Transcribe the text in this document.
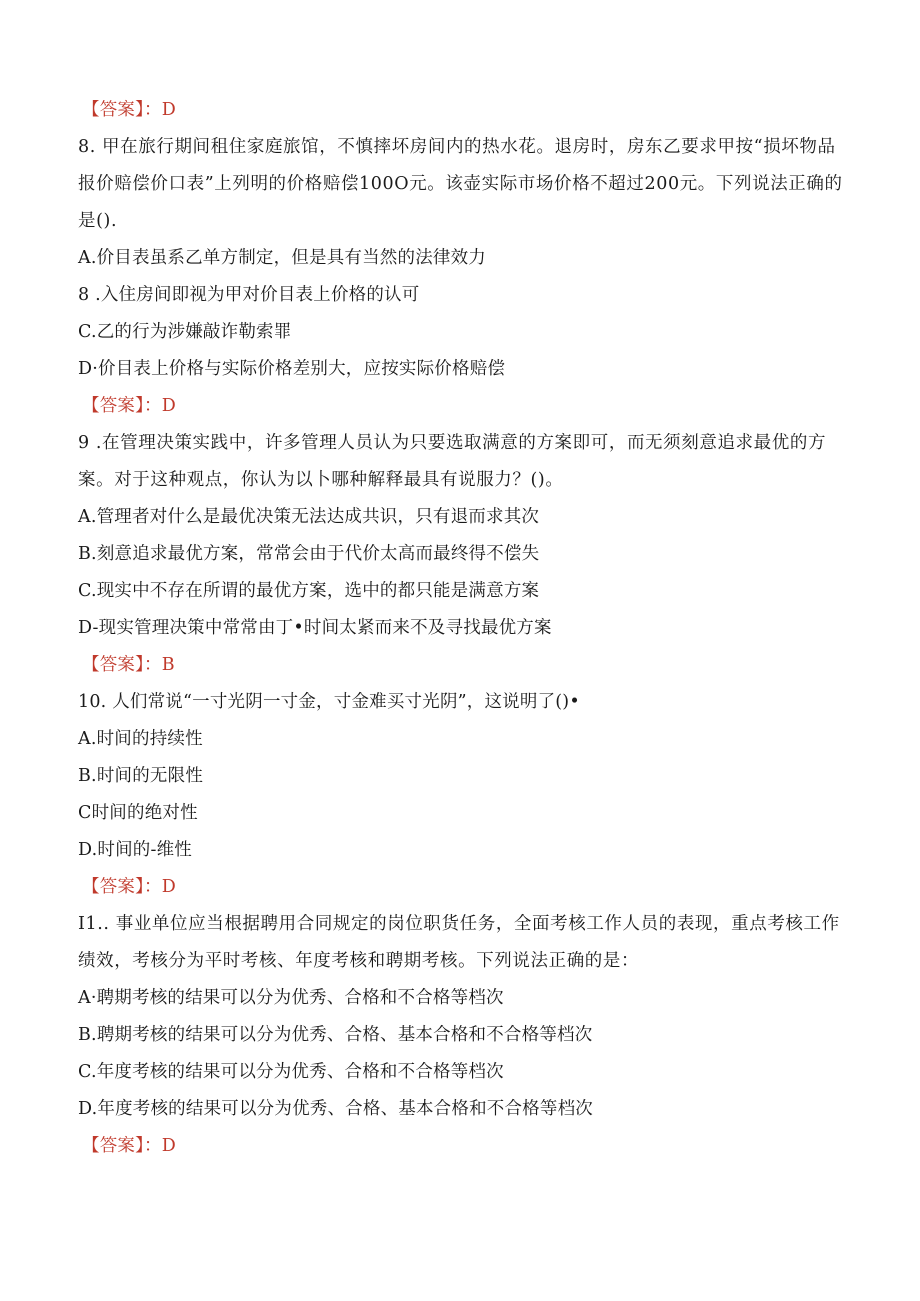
【答案】：D
8. 甲在旅行期间租住家庭旅馆，不慎摔坏房间内的热水花。退房时，房东乙要求甲按“损坏物品报价赔偿价口表”上列明的价格赔偿100O元。该壶实际市场价格不超过200元。下列说法正确的是().
A.价目表虽系乙单方制定，但是具有当然的法律效力
8 .入住房间即视为甲对价目表上价格的认可
C.乙的行为涉嫌敲诈勒索罪
D·价目表上价格与实际价格差别大，应按实际价格赔偿
【答案】：D
9 .在管理决策实践中，许多管理人员认为只要选取满意的方案即可，而无须刻意追求最优的方案。对于这种观点，你认为以卜哪种解释最具有说服力？()。
A.管理者对什么是最优决策无法达成共识，只有退而求其次
B.刻意追求最优方案，常常会由于代价太高而最终得不偿失
C.现实中不存在所谓的最优方案，选中的都只能是满意方案
D-现实管理决策中常常由丁•时间太紧而来不及寻找最优方案
【答案】：B
10. 人们常说“一寸光阴一寸金，寸金难买寸光阴”，这说明了()•
A.时间的持续性
B.时间的无限性
C时间的绝对性
D.时间的-维性
【答案】：D
I1.. 事业单位应当根据聘用合同规定的岗位职货任务，全面考核工作人员的表现，重点考核工作绩效，考核分为平时考核、年度考核和聘期考核。下列说法正确的是：
A·聘期考核的结果可以分为优秀、合格和不合格等档次
B.聘期考核的结果可以分为优秀、合格、基本合格和不合格等档次
C.年度考核的结果可以分为优秀、合格和不合格等档次
D.年度考核的结果可以分为优秀、合格、基本合格和不合格等档次
【答案】：D
